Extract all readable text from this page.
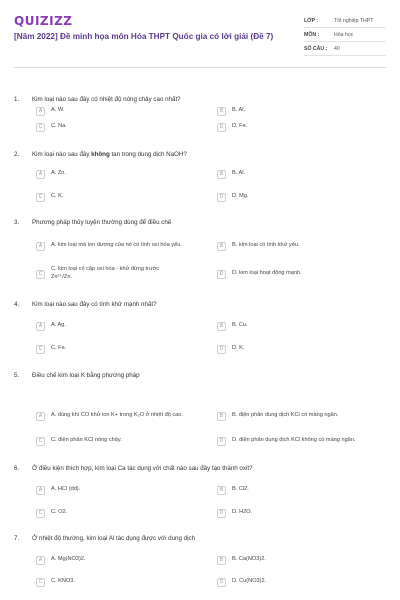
QUIZIZZ
[Năm 2022] Đề minh họa môn Hóa THPT Quốc gia có lời giải (Đề 7)
LỚP :	Tốt nghiệp THPT
MÔN :	Hóa học
SỐ CÂU :	40
1.	Kim loại nào sau đây có nhiệt độ nóng chảy cao nhất?
A	A. W.	B	B. Al.
C	C. Na.	D	D. Fe.
2.	Kim loại nào sau đây không tan trong dung dịch NaOH?
A	A. Zn.	B	B. Al.
C	C. K.	D	D. Mg.
3.	Phương pháp thủy luyện thường dùng để điều chế
A	A. kim loại mà ion dương của nó có tính oxi hóa yếu.	B	B. kim loại có tính khử yếu.
C
C. kim loại có cặp oxi hóa - khử đứng trước Zn²⁺/Zn.	D	D. kim loại hoạt động mạnh.
4.	Kim loại nào sau đây có tính khử mạnh nhất?
A	A. Ag.	B	B. Cu.
C	C. Fe.	D	D. K.
5.	Điều chế kim loại K bằng phương pháp
A	A. dùng khí CO khử ion K+ trong K₂O ở nhiệt độ cao.	B	B. điện phân dung dịch KCl có màng ngăn.
C	C. điện phân KCl nóng chảy.	D	D. điện phân dung dịch KCl không có màng ngăn.
6.	Ở điều kiện thích hợp, kim loại Ca tác dụng với chất nào sau đây tạo thành oxit?
A	A. HCl (dd).	B	B. Cl2.
C	C. O2.	D	D. H2O.
7.	Ở nhiệt độ thường, kim loại Al tác dụng được với dung dịch
A	A. Mg(NO3)2.	B	B. Ca(NO3)2.
C	C. KNO3.	D	D. Cu(NO3)2.
